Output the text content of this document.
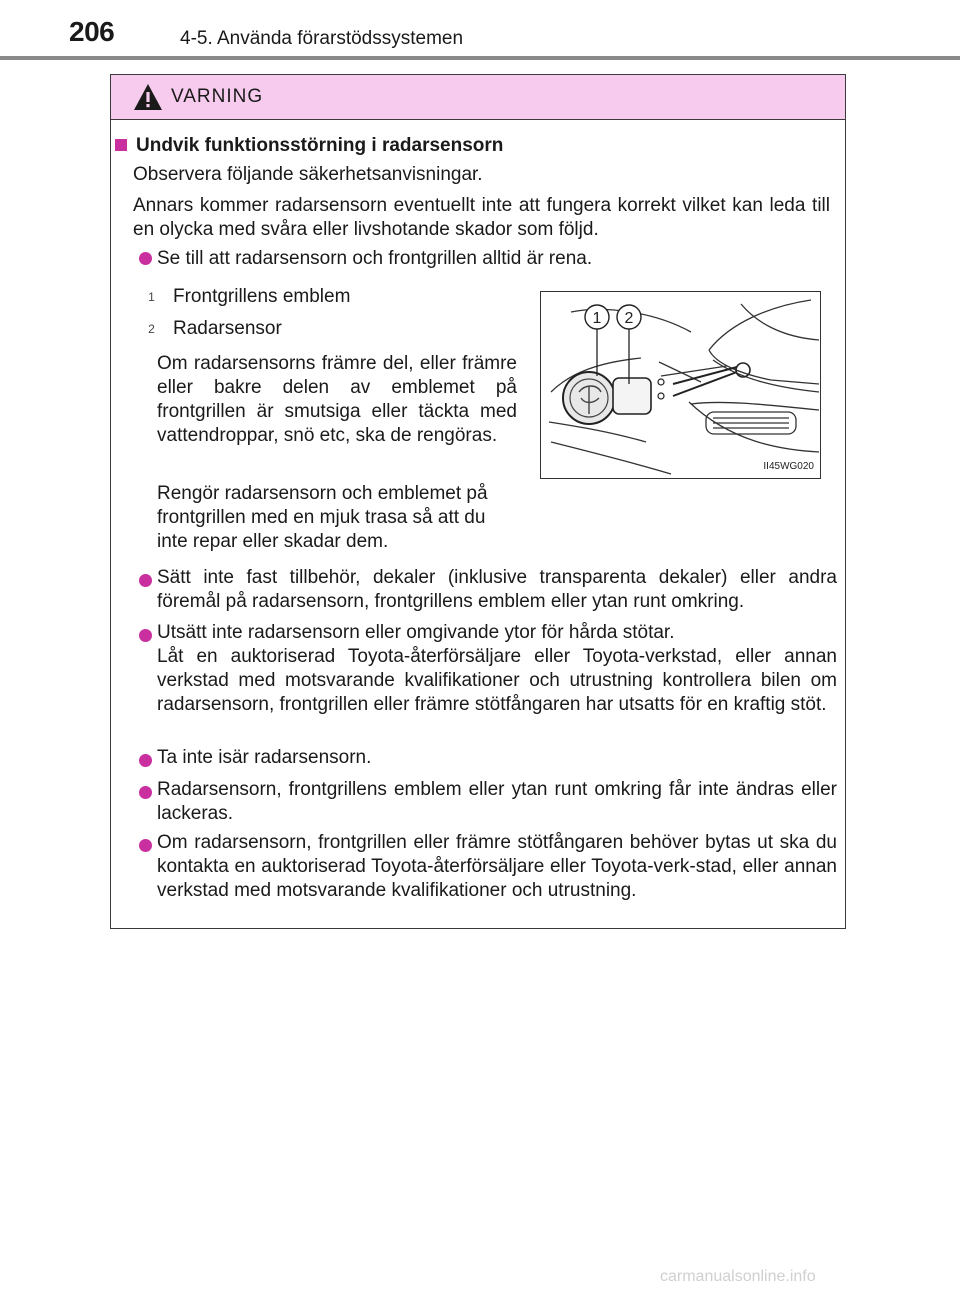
206	4-5. Använda förarstödssystemen
VARNING
Undvik funktionsstörning i radarsensorn
Observera följande säkerhetsanvisningar.
Annars kommer radarsensorn eventuellt inte att fungera korrekt vilket kan leda till en olycka med svåra eller livshotande skador som följd.
Se till att radarsensorn och frontgrillen alltid är rena.
1 Frontgrillens emblem
2 Radarsensor
Om radarsensorns främre del, eller främre eller bakre delen av emblemet på frontgrillen är smutsiga eller täckta med vattendroppar, snö etc, ska de rengöras.
Rengör radarsensorn och emblemet på frontgrillen med en mjuk trasa så att du inte repar eller skadar dem.
1 2
II45WG020
Sätt inte fast tillbehör, dekaler (inklusive transparenta dekaler) eller andra föremål på radarsensorn, frontgrillens emblem eller ytan runt omkring.
Utsätt inte radarsensorn eller omgivande ytor för hårda stötar.
Låt en auktoriserad Toyota-återförsäljare eller Toyota-verkstad, eller annan verkstad med motsvarande kvalifikationer och utrustning kontrollera bilen om radarsensorn, frontgrillen eller främre stötfångaren har utsatts för en kraftig stöt.
Ta inte isär radarsensorn.
Radarsensorn, frontgrillens emblem eller ytan runt omkring får inte ändras eller lackeras.
Om radarsensorn, frontgrillen eller främre stötfångaren behöver bytas ut ska du kontakta en auktoriserad Toyota-återförsäljare eller Toyota-verk-stad, eller annan verkstad med motsvarande kvalifikationer och utrustning.
carmanualsonline.info
